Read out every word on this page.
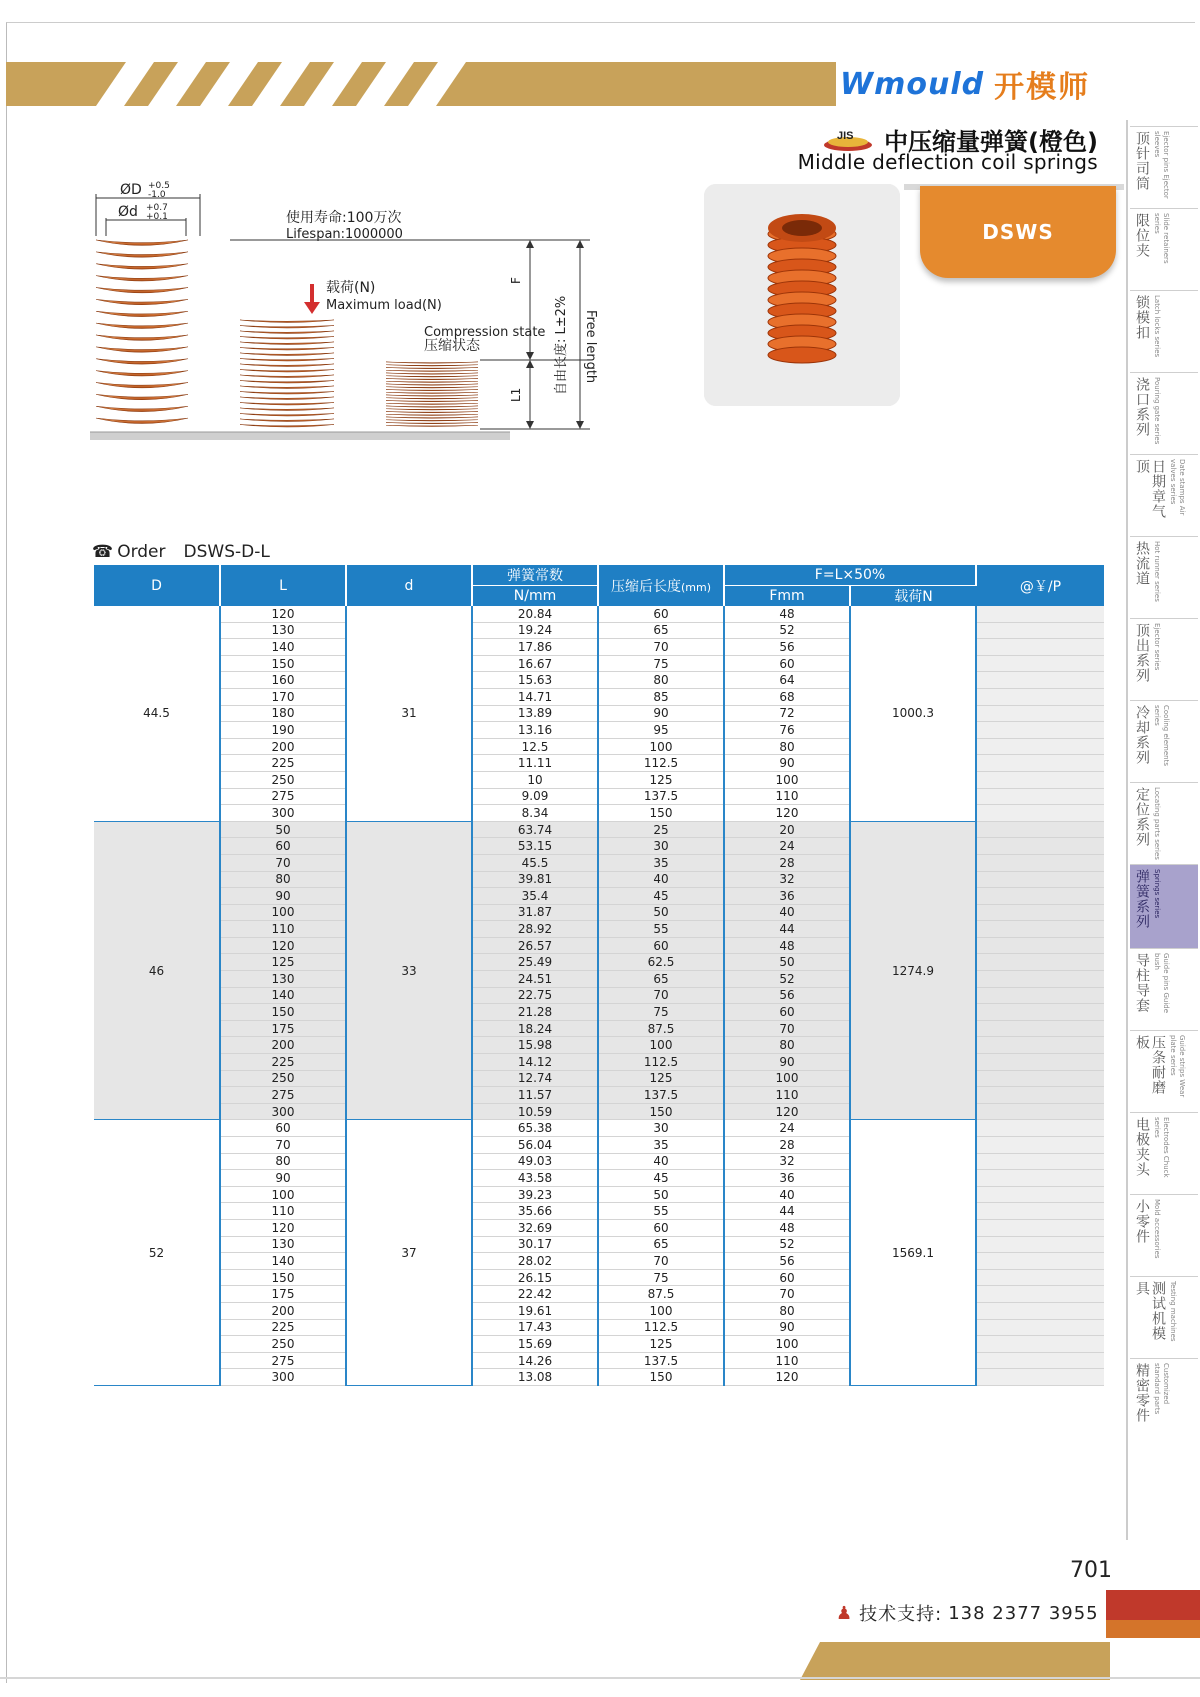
Wmould 开模师
JIS 中压缩量弹簧(橙色)
Middle deflection coil springs
ØD +0.5
-1.0
Ød +0.7
+0.1	使用寿命:100万次
Lifespan:1000000
载荷(N)
Maximum load(N)
Compression state
压缩状态
F
L1 自由长度: L±2% Free length
DSWS
顶针司筒	Ejector pins Ejector sleeves
限位夹	Slide retainers series
锁模扣 Latch locks series
浇口系列 Pouring gate series
日期章气顶	Date stamps Air valves series
热流道 Hot runner series
顶出系列 Ejector series
冷却系列	Cooling elements series
定位系列 Locating parts series
弹簧系列 Springs series
导柱导套	Guide pins Guide bush
压条耐磨板	Guide strips Wear plate series
电极夹头	Electrodes Chuck series
小零件 Mold accessories
测试机模具	Testing machines
精密零件	Customized standard parts
☎ Order DSWS-D-L
D	L	d	弹簧常数	压缩后长度(mm)	F=L×50%		@￥/P
			N/mm		Fmm	载荷N	
44.5	120	31	20.84	60	48	1000.3	
	130		19.24	65	52		
	140		17.86	70	56		
	150		16.67	75	60		
	160		15.63	80	64		
	170		14.71	85	68		
	180		13.89	90	72		
	190		13.16	95	76		
	200		12.5	100	80		
	225		11.11	112.5	90		
	250		10	125	100		
	275		9.09	137.5	110		
	300		8.34	150	120		
46	50	33	63.74	25	20	1274.9	
	60		53.15	30	24		
	70		45.5	35	28		
	80		39.81	40	32		
	90		35.4	45	36		
	100		31.87	50	40		
	110		28.92	55	44		
	120		26.57	60	48		
	125		25.49	62.5	50		
	130		24.51	65	52		
	140		22.75	70	56		
	150		21.28	75	60		
	175		18.24	87.5	70		
	200		15.98	100	80		
	225		14.12	112.5	90		
	250		12.74	125	100		
	275		11.57	137.5	110		
	300		10.59	150	120		
52	60	37	65.38	30	24	1569.1	
	70		56.04	35	28		
	80		49.03	40	32		
	90		43.58	45	36		
	100		39.23	50	40		
	110		35.66	55	44		
	120		32.69	60	48		
	130		30.17	65	52		
	140		28.02	70	56		
	150		26.15	75	60		
	175		22.42	87.5	70		
	200		19.61	100	80		
	225		17.43	112.5	90		
	250		15.69	125	100		
	275		14.26	137.5	110		
	300		13.08	150	120		
701
♟ 技术支持: 138 2377 3955
